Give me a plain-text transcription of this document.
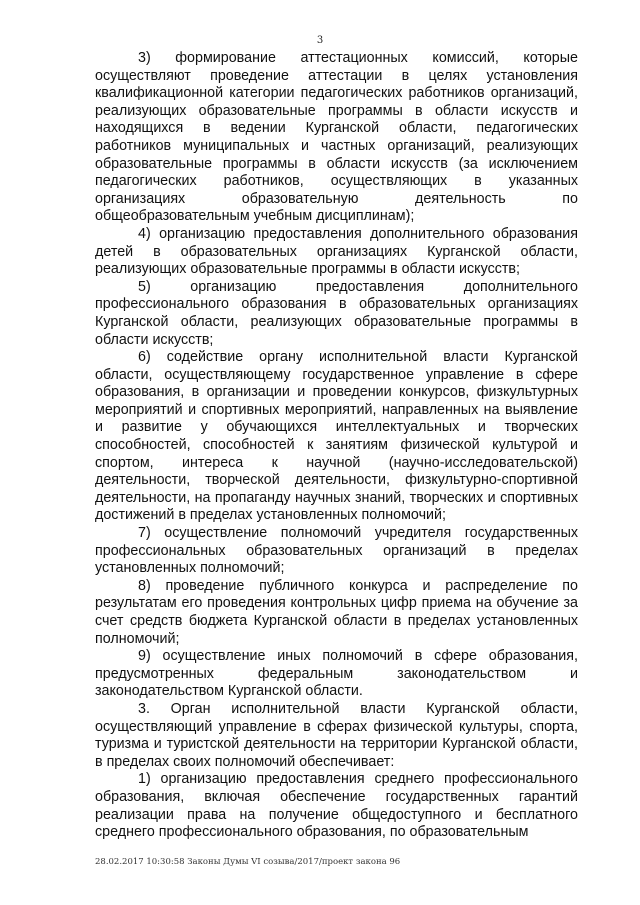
3

3) формирование аттестационных комиссий, которые осуществляют проведение аттестации в целях установления квалификационной категории педагогических работников организаций, реализующих образовательные программы в области искусств и находящихся в ведении Курганской области, педагогических работников муниципальных и частных организаций, реализующих образовательные программы в области искусств (за исключением педагогических работников, осуществляющих в указанных организациях образовательную деятельность по общеобразовательным учебным дисциплинам);

4) организацию предоставления дополнительного образования детей в образовательных организациях Курганской области, реализующих образовательные программы в области искусств;

5) организацию предоставления дополнительного профессионального образования в образовательных организациях Курганской области, реализующих образовательные программы в области искусств;

6) содействие органу исполнительной власти Курганской области, осуществляющему государственное управление в сфере образования, в организации и проведении конкурсов, физкультурных мероприятий и спортивных мероприятий, направленных на выявление и развитие у обучающихся интеллектуальных и творческих способностей, способностей к занятиям физической культурой и спортом, интереса к научной (научно-исследовательской) деятельности, творческой деятельности, физкультурно-спортивной деятельности, на пропаганду научных знаний, творческих и спортивных достижений в пределах установленных полномочий;

7) осуществление полномочий учредителя государственных профессиональных образовательных организаций в пределах установленных полномочий;

8) проведение публичного конкурса и распределение по результатам его проведения контрольных цифр приема на обучение за счет средств бюджета Курганской области в пределах установленных полномочий;

9) осуществление иных полномочий в сфере образования, предусмотренных федеральным законодательством и законодательством Курганской области.

3. Орган исполнительной власти Курганской области, осуществляющий управление в сферах физической культуры, спорта, туризма и туристской деятельности на территории Курганской области, в пределах своих полномочий обеспечивает:

1) организацию предоставления среднего профессионального образования, включая обеспечение государственных гарантий реализации права на получение общедоступного и бесплатного среднего профессионального образования, по образовательным

28.02.2017 10:30:58 Законы Думы VI созыва/2017/проект закона 96
